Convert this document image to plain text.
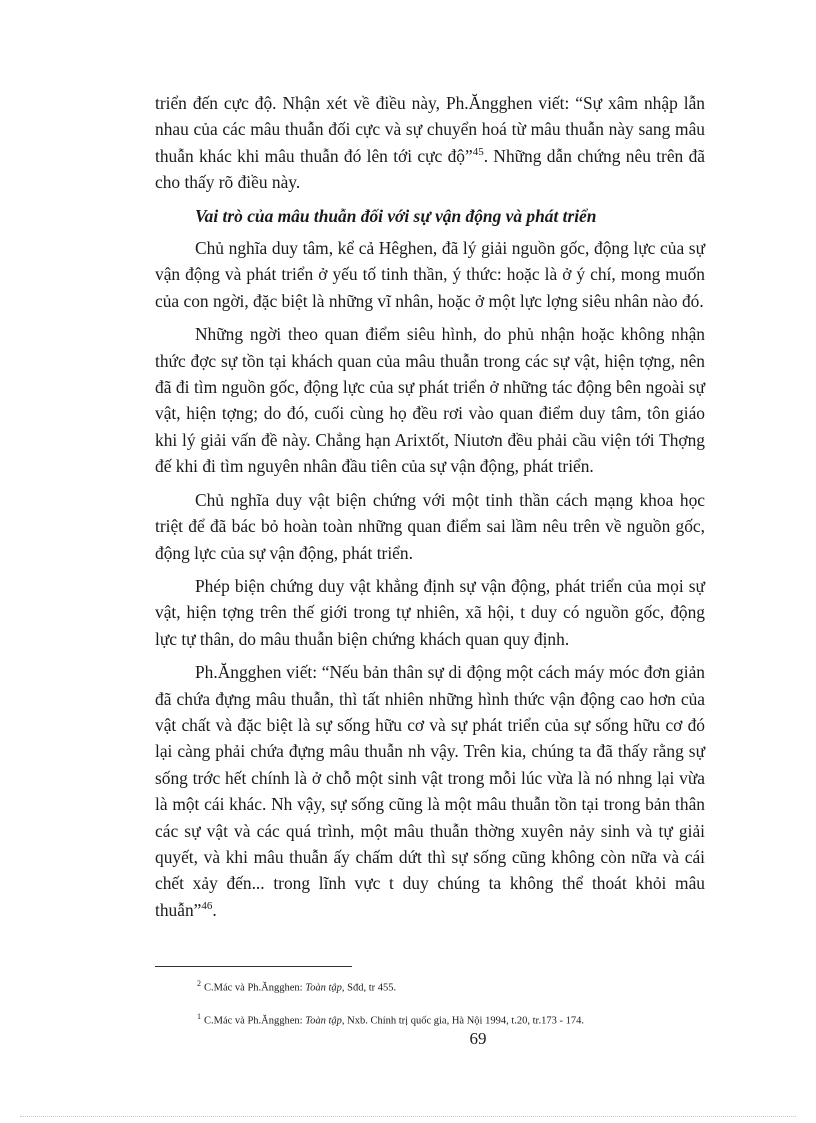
triển đến cực độ. Nhận xét về điều này, Ph.Ăngghen viết: “Sự xâm nhập lẫn nhau của các mâu thuẫn đối cực và sự chuyển hoá từ mâu thuẫn này sang mâu thuẫn khác khi mâu thuẫn đó lên tới cực độ”$^{45}$. Những dẫn chứng nêu trên đã cho thấy rõ điều này.

Vai trò của mâu thuẫn đối với sự vận động và phát triển

Chủ nghĩa duy tâm, kể cả Hêghen, đã lý giải nguồn gốc, động lực của sự vận động và phát triển ở yếu tố tinh thần, ý thức: hoặc là ở ý chí, mong muốn của con ngời, đặc biệt là những vĩ nhân, hoặc ở một lực lợng siêu nhân nào đó.

Những ngời theo quan điểm siêu hình, do phủ nhận hoặc không nhận thức đợc sự tồn tại khách quan của mâu thuẫn trong các sự vật, hiện tợng, nên đã đi tìm nguồn gốc, động lực của sự phát triển ở những tác động bên ngoài sự vật, hiện tợng; do đó, cuối cùng họ đều rơi vào quan điểm duy tâm, tôn giáo khi lý giải vấn đề này. Chẳng hạn Arixtốt, Niutơn đều phải cầu viện tới Thợng đế khi đi tìm nguyên nhân đầu tiên của sự vận động, phát triển.

Chủ nghĩa duy vật biện chứng với một tinh thần cách mạng khoa học triệt để đã bác bỏ hoàn toàn những quan điểm sai lầm nêu trên về nguồn gốc, động lực của sự vận động, phát triển.

Phép biện chứng duy vật khẳng định sự vận động, phát triển của mọi sự vật, hiện tợng trên thế giới trong tự nhiên, xã hội, t duy có nguồn gốc, động lực tự thân, do mâu thuẫn biện chứng khách quan quy định.

Ph.Ăngghen viết: “Nếu bản thân sự di động một cách máy móc đơn giản đã chứa đựng mâu thuẫn, thì tất nhiên những hình thức vận động cao hơn của vật chất và đặc biệt là sự sống hữu cơ và sự phát triển của sự sống hữu cơ đó lại càng phải chứa đựng mâu thuẫn nh vậy. Trên kia, chúng ta đã thấy rằng sự sống trớc hết chính là ở chỗ một sinh vật trong mỗi lúc vừa là nó nhng lại vừa là một cái khác. Nh vậy, sự sống cũng là một mâu thuẫn tồn tại trong bản thân các sự vật và các quá trình, một mâu thuẫn thờng xuyên nảy sinh và tự giải quyết, và khi mâu thuẫn ấy chấm dứt thì sự sống cũng không còn nữa và cái chết xảy đến... trong lĩnh vực t duy chúng ta không thể thoát khỏi mâu thuẫn”$^{46}$.

$^2$ C.Mác và Ph.Ăngghen: Toàn tập, Sđd, tr 455.
$^1$ C.Mác và Ph.Ăngghen: Toàn tập, Nxb. Chính trị quốc gia, Hà Nội 1994, t.20, tr.173 - 174.
69
